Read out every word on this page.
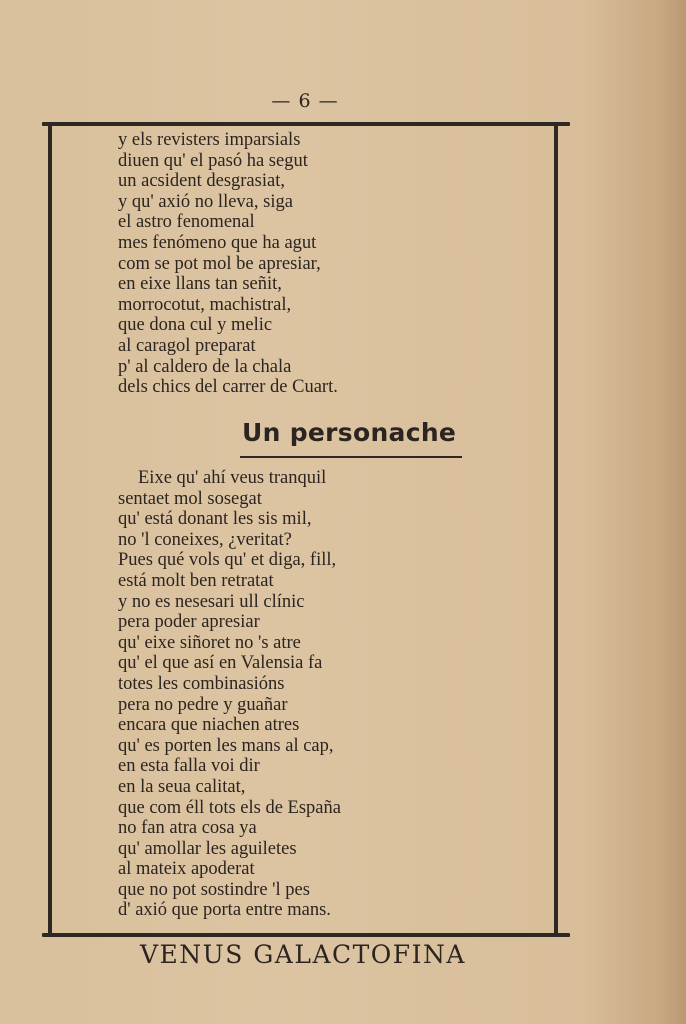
— 6 —
y els revisters imparsials
diuen qu' el pasó ha segut
un acsident desgrasiat,
y qu' axió no lleva, siga
el astro fenomenal
mes fenómeno que ha agut
com se pot mol be apresiar,
en eixe llans tan señit,
morrocotut, machistral,
que dona cul y melic
al caragol preparat
p' al caldero de la chala
dels chics del carrer de Cuart.
Un personache
Eixe qu' ahí veus tranquil
sentaet mol sosegat
qu' está donant les sis mil,
no 'l coneixes, ¿veritat?
Pues qué vols qu' et diga, fill,
está molt ben retratat
y no es nesesari ull clínic
pera poder apresiar
qu' eixe siñoret no 's atre
qu' el que así en Valensia fa
totes les combinasións
pera no pedre y guañar
encara que niachen atres
qu' es porten les mans al cap,
en esta falla voi dir
en la seua calitat,
que com éll tots els de España
no fan atra cosa ya
qu' amollar les aguiletes
al mateix apoderat
que no pot sostindre 'l pes
d' axió que porta entre mans.
VENUS GALACTOFINA
